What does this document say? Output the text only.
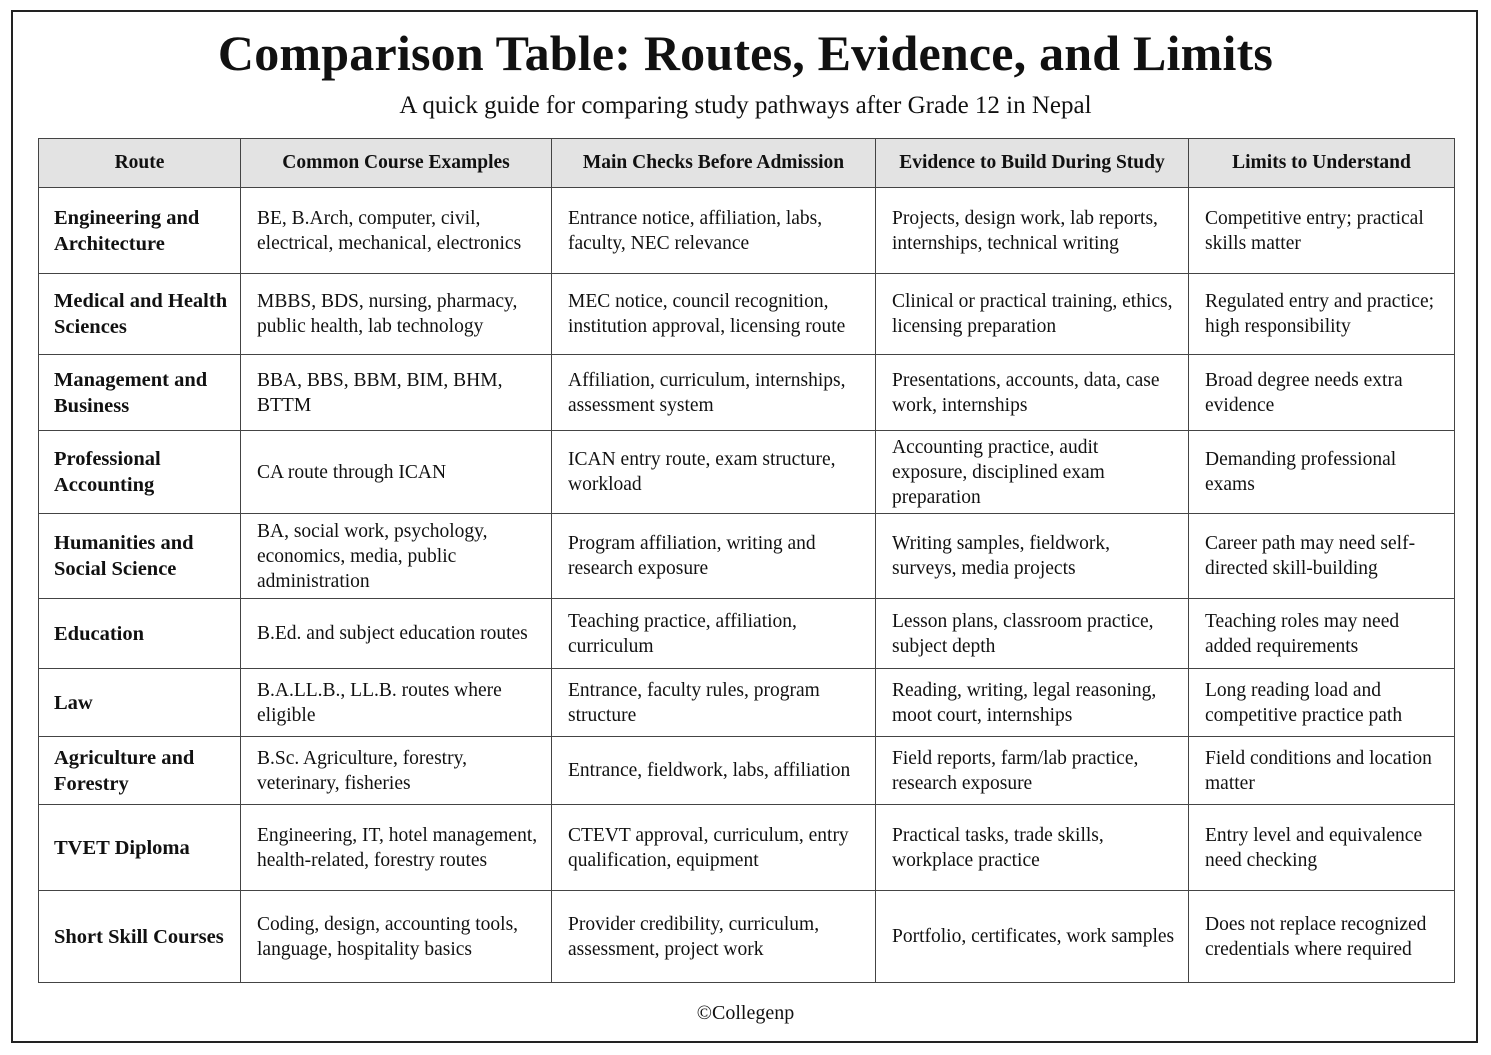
Comparison Table: Routes, Evidence, and Limits

A quick guide for comparing study pathways after Grade 12 in Nepal

Route	Common Course Examples	Main Checks Before Admission	Evidence to Build During Study	Limits to Understand
Engineering and Architecture	BE, B.Arch, computer, civil, electrical, mechanical, electronics	Entrance notice, affiliation, labs, faculty, NEC relevance	Projects, design work, lab reports, internships, technical writing	Competitive entry; practical skills matter
Medical and Health Sciences	MBBS, BDS, nursing, pharmacy, public health, lab technology	MEC notice, council recognition, institution approval, licensing route	Clinical or practical training, ethics, licensing preparation	Regulated entry and practice; high responsibility
Management and Business	BBA, BBS, BBM, BIM, BHM, BTTM	Affiliation, curriculum, internships, assessment system	Presentations, accounts, data, case work, internships	Broad degree needs extra evidence
Professional Accounting	CA route through ICAN	ICAN entry route, exam structure, workload	Accounting practice, audit exposure, disciplined exam preparation	Demanding professional exams
Humanities and Social Science	BA, social work, psychology, economics, media, public administration	Program affiliation, writing and research exposure	Writing samples, fieldwork, surveys, media projects	Career path may need self-directed skill-building
Education	B.Ed. and subject education routes	Teaching practice, affiliation, curriculum	Lesson plans, classroom practice, subject depth	Teaching roles may need added requirements
Law	B.A.LL.B., LL.B. routes where eligible	Entrance, faculty rules, program structure	Reading, writing, legal reasoning, moot court, internships	Long reading load and competitive practice path
Agriculture and Forestry	B.Sc. Agriculture, forestry, veterinary, fisheries	Entrance, fieldwork, labs, affiliation	Field reports, farm/lab practice, research exposure	Field conditions and location matter
TVET Diploma	Engineering, IT, hotel management, health-related, forestry routes	CTEVT approval, curriculum, entry qualification, equipment	Practical tasks, trade skills, workplace practice	Entry level and equivalence need checking
Short Skill Courses	Coding, design, accounting tools, language, hospitality basics	Provider credibility, curriculum, assessment, project work	Portfolio, certificates, work samples	Does not replace recognized credentials where required
©Collegenp
